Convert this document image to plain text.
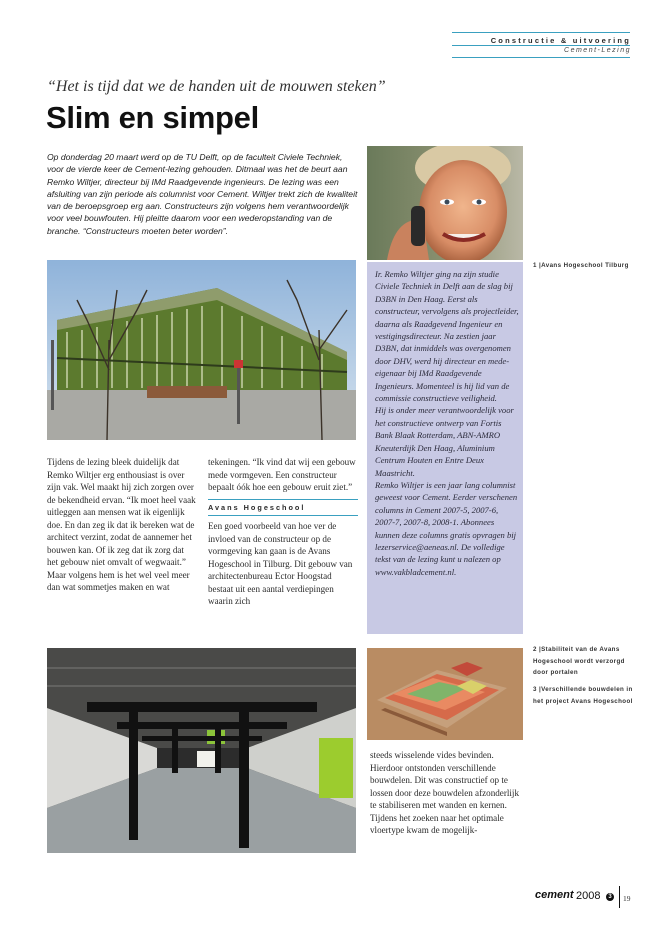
Constructie & uitvoering
Cement-Lezing
“Het is tijd dat we de handen uit de mouwen steken”
Slim en simpel
Op donderdag 20 maart werd op de TU Delft, op de faculteit Civiele Techniek, voor de vierde keer de Cement-lezing gehouden. Ditmaal was het de beurt aan Remko Wiltjer, directeur bij IMd Raadgevende ingenieurs. De lezing was een afsluiting van zijn periode als columnist voor Cement. Wiltjer trekt zich de kwaliteit van de beroepsgroep erg aan. Constructeurs zijn volgens hem verantwoordelijk voor veel bouwfouten. Hij pleitte daarom voor een wederopstanding van de branche. “Constructeurs moeten beter worden”.

Tijdens de lezing bleek duidelijk dat Remko Wiltjer erg enthousiast is over zijn vak. Wel maakt hij zich zorgen over de bekendheid ervan. “Ik moet heel vaak uitleggen aan mensen wat ik eigenlijk doe. En dan zeg ik dat ik bereken wat de architect verzint, zodat de aannemer het bouwen kan. Of ik zeg dat ik zorg dat het gebouw niet omvalt of wegwaait.” Maar volgens hem is het wel veel meer dan wat sommetjes maken en wat

tekeningen. “Ik vind dat wij een gebouw mede vormgeven. Een constructeur bepaalt óók hoe een gebouw eruit ziet.”

Avans Hogeschool

Een goed voorbeeld van hoe ver de invloed van de constructeur op de vormgeving kan gaan is de Avans Hogeschool in Tilburg. Dit gebouw van architectenbureau Ector Hoogstad bestaat uit een aantal verdiepingen waarin zich

Ir. Remko Wiltjer ging na zijn studie Civiele Techniek in Delft aan de slag bij D3BN in Den Haag. Eerst als constructeur, vervolgens als projectleider, daarna als Raadgevend Ingenieur en vestigingsdirecteur. Na zestien jaar D3BN, dat inmiddels was overgenomen door DHV, werd hij directeur en mede-eigenaar bij IMd Raadgevende Ingenieurs. Momenteel is hij lid van de commissie constructieve veiligheid.
Hij is onder meer verantwoordelijk voor het constructieve ontwerp van Fortis Bank Blaak Rotterdam, ABN-AMRO Kneuterdijk Den Haag, Aluminium Centrum Houten en Entre Deux Maastricht.
Remko Wiltjer is een jaar lang columnist geweest voor Cement. Eerder verschenen columns in Cement 2007-5, 2007-6, 2007-7, 2007-8, 2008-1. Abonnees kunnen deze columns gratis opvragen bij lezerservice@aeneas.nl. De volledige tekst van de lezing kunt u nalezen op www.vakbladcement.nl.
1 |Avans Hogeschool Tilburg
2 |Stabiliteit van de Avans Hogeschool wordt verzorgd door portalen
3 |Verschillende bouwdelen in het project Avans Hogeschool

steeds wisselende vides bevinden. Hierdoor ontstonden verschillende bouwdelen. Dit was constructief op te lossen door deze bouwdelen afzonderlijk te stabiliseren met wanden en kernen. Tijdens het zoeken naar het optimale vloertype kwam de mogelijk-

cement 2008	3	19
